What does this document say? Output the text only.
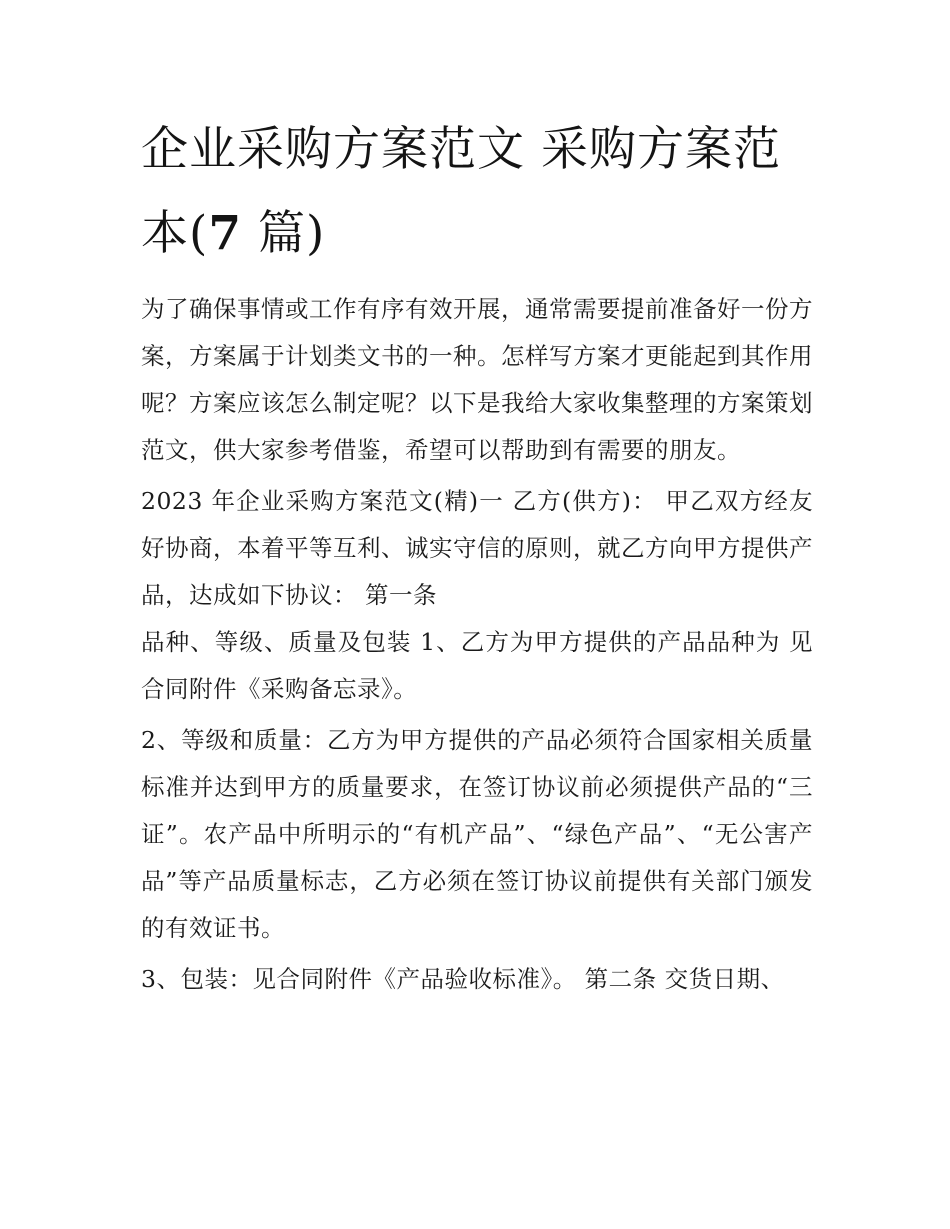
企业采购方案范文 采购方案范本(7 篇)

为了确保事情或工作有序有效开展，通常需要提前准备好一份方案，方案属于计划类文书的一种。怎样写方案才更能起到其作用呢？方案应该怎么制定呢？以下是我给大家收集整理的方案策划范文，供大家参考借鉴，希望可以帮助到有需要的朋友。

2023 年企业采购方案范文(精)一 乙方(供方)： 甲乙双方经友好协商，本着平等互利、诚实守信的原则，就乙方向甲方提供产品，达成如下协议： 第一条

品种、等级、质量及包装 1、乙方为甲方提供的产品品种为 见合同附件《采购备忘录》。

2、等级和质量：乙方为甲方提供的产品必须符合国家相关质量标准并达到甲方的质量要求，在签订协议前必须提供产品的“三证”。农产品中所明示的“有机产品”、“绿色产品”、“无公害产品”等产品质量标志，乙方必须在签订协议前提供有关部门颁发的有效证书。

3、包装：见合同附件《产品验收标准》。 第二条 交货日期、
